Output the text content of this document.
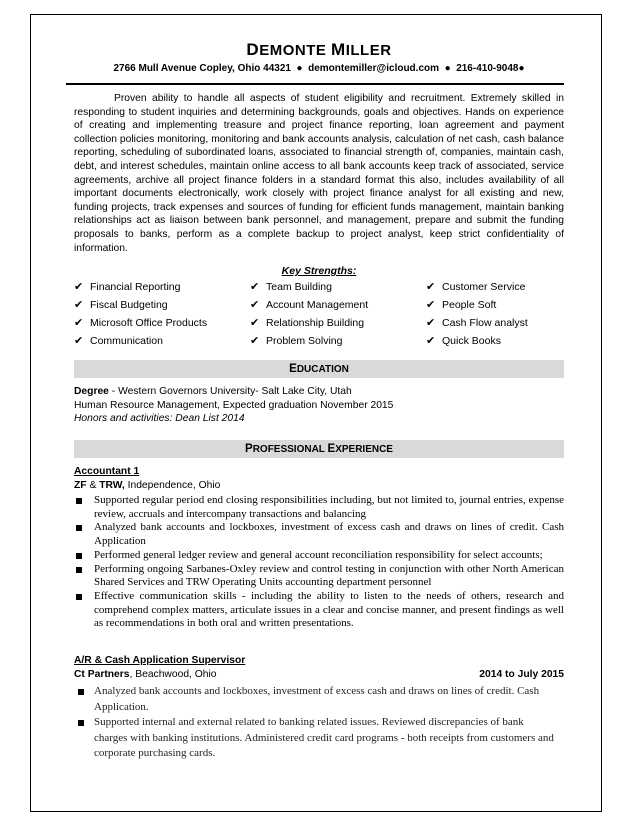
DEMONTE MILLER
2766 Mull Avenue Copley, Ohio 44321  ●  demontemiller@icloud.com  ●  216-410-9048●
Proven ability to handle all aspects of student eligibility and recruitment. Extremely skilled in responding to student inquiries and determining backgrounds, goals and objectives. Hands on experience of creating and implementing treasure and project finance reporting, loan agreement and payment collection policies monitoring, monitoring and bank accounts analysis, calculation of net cash, cash balance reporting, scheduling of subordinated loans, associated to financial strength of, companies, maintain cash, debt, and interest schedules, maintain online access to all bank accounts keep track of associated, service agreements, archive all project finance folders in a standard format this also, includes availability of all important documents electronically, work closely with project finance analyst for all existing and new, funding projects, track expenses and sources of funding for efficient funds management, maintain banking relationships act as liaison between bank personnel, and management, prepare and submit the funding proposals to banks, perform as a complete backup to project analyst, keep strict confidentiality of information.
Key Strengths:
✔ Financial Reporting
✔ Fiscal Budgeting
✔ Microsoft Office Products
✔ Communication
✔ Team Building
✔ Account Management
✔ Relationship Building
✔ Problem Solving
✔ Customer Service
✔ People Soft
✔ Cash Flow analyst
✔ Quick Books
EDUCATION
Degree - Western Governors University- Salt Lake City, Utah
Human Resource Management, Expected graduation November 2015
Honors and activities: Dean List 2014
PROFESSIONAL EXPERIENCE
Accountant 1
ZF & TRW, Independence, Ohio
Supported regular period end closing responsibilities including, but not limited to, journal entries, expense review, accruals and intercompany transactions and balancing
Analyzed bank accounts and lockboxes, investment of excess cash and draws on lines of credit. Cash Application
Performed general ledger review and general account reconciliation responsibility for select accounts;
Performing ongoing Sarbanes-Oxley review and control testing in conjunction with other North American Shared Services and TRW Operating Units accounting department personnel
Effective communication skills - including the ability to listen to the needs of others, research and comprehend complex matters, articulate issues in a clear and concise manner, and present findings as well as recommendations in both oral and written presentations.
A/R & Cash Application Supervisor
Ct Partners, Beachwood, Ohio	2014 to July 2015
Analyzed bank accounts and lockboxes, investment of excess cash and draws on lines of credit. Cash Application.
Supported internal and external related to banking related issues. Reviewed discrepancies of bank charges with banking institutions. Administered credit card programs - both receipts from customers and corporate purchasing cards.
